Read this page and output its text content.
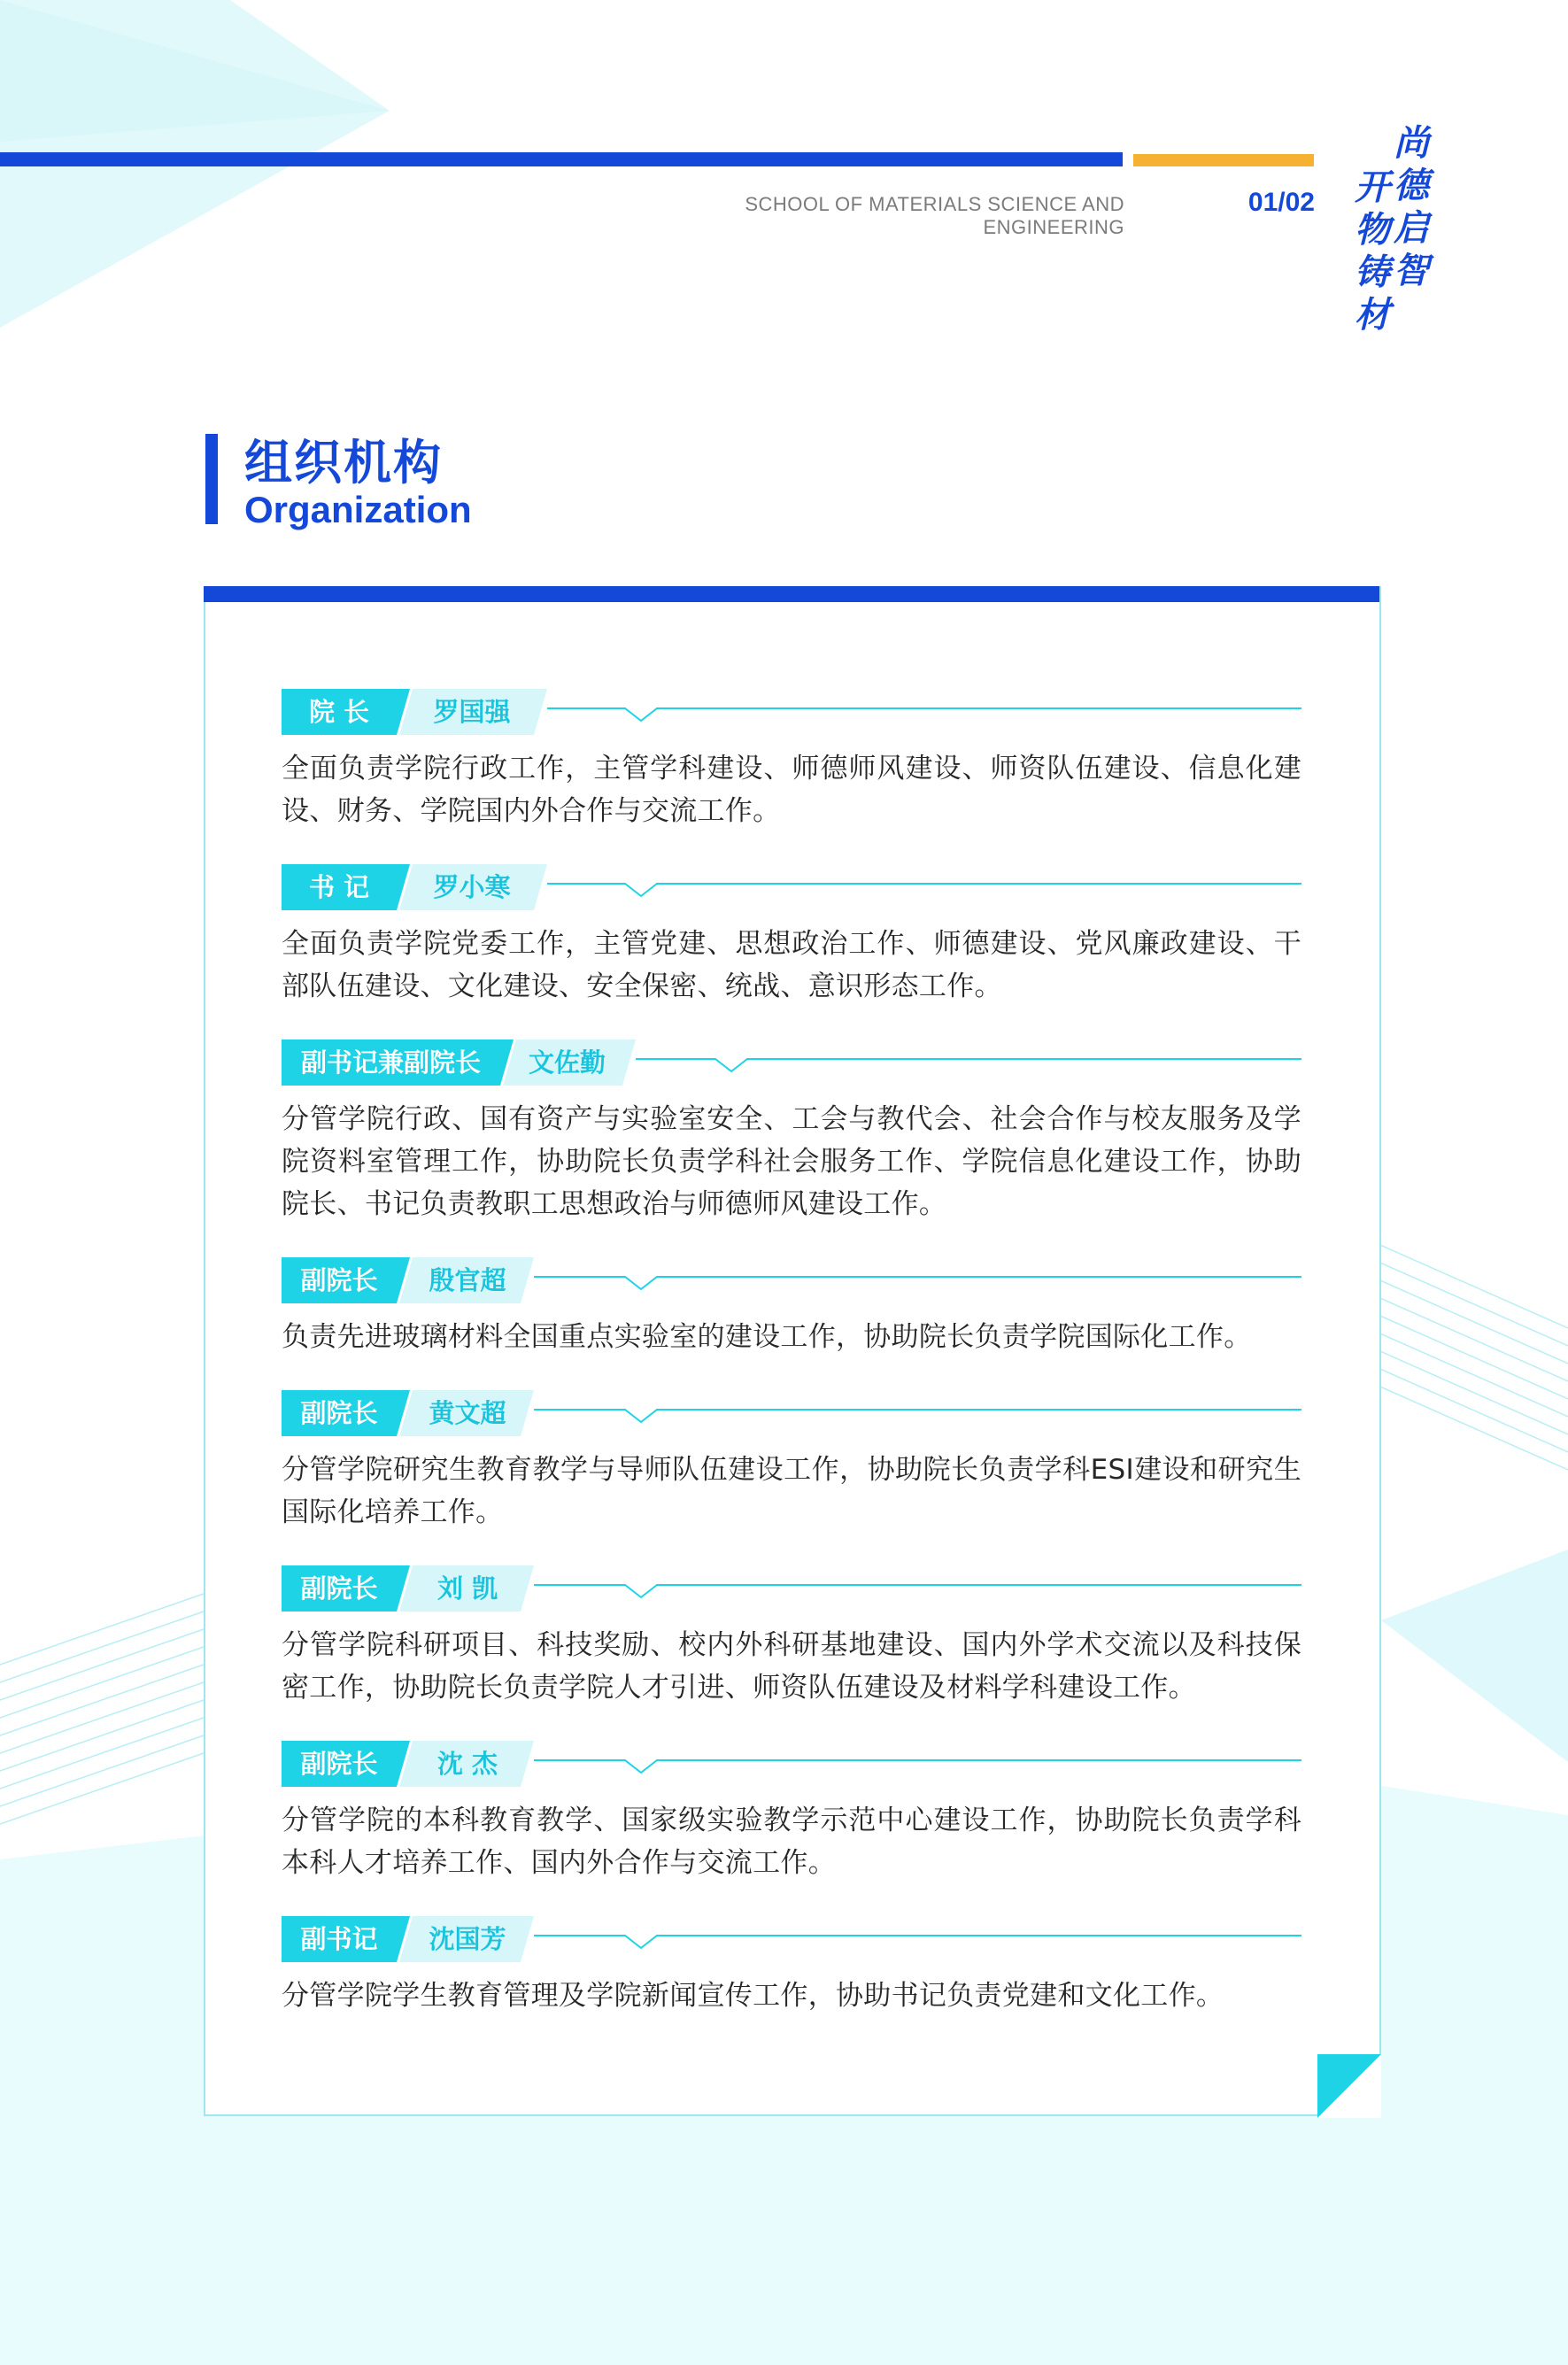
SCHOOL OF MATERIALS SCIENCE AND ENGINEERING
01/02
尚
德
启
智
开
物
铸
材
组织机构
Organization
院 长	罗国强
全面负责学院行政工作，主管学科建设、师德师风建设、师资队伍建设、信息化建设、财务、学院国内外合作与交流工作。
书 记	罗小寒
全面负责学院党委工作，主管党建、思想政治工作、师德建设、党风廉政建设、干部队伍建设、文化建设、安全保密、统战、意识形态工作。
副书记兼副院长	文佐勤
分管学院行政、国有资产与实验室安全、工会与教代会、社会合作与校友服务及学院资料室管理工作，协助院长负责学科社会服务工作、学院信息化建设工作，协助院长、书记负责教职工思想政治与师德师风建设工作。
副院长	殷官超
负责先进玻璃材料全国重点实验室的建设工作，协助院长负责学院国际化工作。
副院长	黄文超
分管学院研究生教育教学与导师队伍建设工作，协助院长负责学科ESI建设和研究生国际化培养工作。
副院长	刘 凯
分管学院科研项目、科技奖励、校内外科研基地建设、国内外学术交流以及科技保密工作，协助院长负责学院人才引进、师资队伍建设及材料学科建设工作。
副院长	沈 杰
分管学院的本科教育教学、国家级实验教学示范中心建设工作，协助院长负责学科本科人才培养工作、国内外合作与交流工作。
副书记	沈国芳
分管学院学生教育管理及学院新闻宣传工作，协助书记负责党建和文化工作。
